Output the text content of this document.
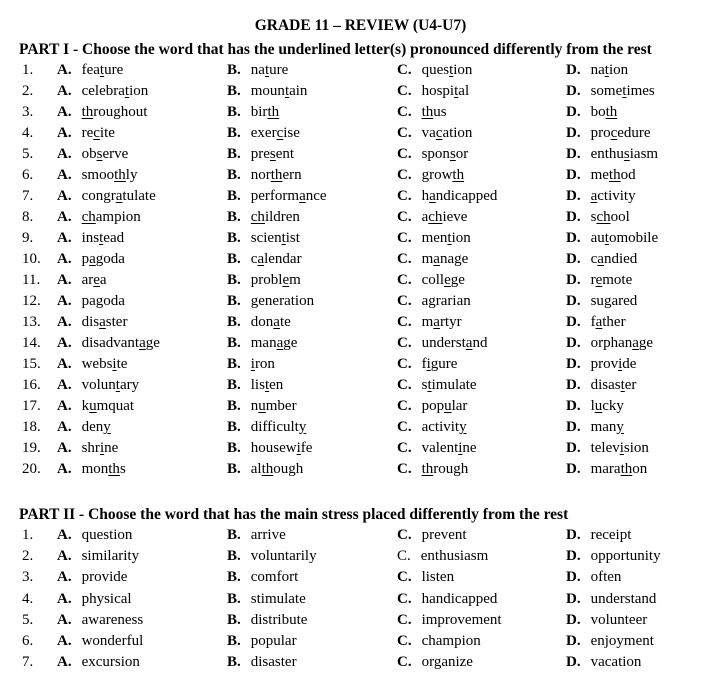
GRADE 11 – REVIEW (U4-U7)
PART I - Choose the word that has the underlined letter(s) pronounced differently from the rest
1.	A. feature	B. nature	C. question	D. nation
2.	A. celebration	B. mountain	C. hospital	D. sometimes
3.	A. throughout	B. birth	C. thus	D. both
4.	A. recite	B. exercise	C. vacation	D. procedure
5.	A. observe	B. present	C. sponsor	D. enthusiasm
6.	A. smoothly	B. northern	C. growth	D. method
7.	A. congratulate	B. performance	C. handicapped	D. activity
8.	A. champion	B. children	C. achieve	D. school
9.	A. instead	B. scientist	C. mention	D. automobile
10.	A. pagoda	B. calendar	C. manage	D. candied
11.	A. area	B. problem	C. college	D. remote
12.	A. pagoda	B. generation	C. agrarian	D. sugared
13.	A. disaster	B. donate	C. martyr	D. father
14.	A. disadvantage	B. manage	C. understand	D. orphanage
15.	A. website	B. iron	C. figure	D. provide
16.	A. voluntary	B. listen	C. stimulate	D. disaster
17.	A. kumquat	B. number	C. popular	D. lucky
18.	A. deny	B. difficulty	C. activity	D. many
19.	A. shrine	B. housewife	C. valentine	D. television
20.	A. months	B. although	C. through	D. marathon
PART II - Choose the word that has the main stress placed differently from the rest
1.	A. question	B. arrive	C. prevent	D. receipt
2.	A. similarity	B. voluntarily	C. enthusiasm	D. opportunity
3.	A. provide	B. comfort	C. listen	D. often
4.	A. physical	B. stimulate	C. handicapped	D. understand
5.	A. awareness	B. distribute	C. improvement	D. volunteer
6.	A. wonderful	B. popular	C. champion	D. enjoyment
7.	A. excursion	B. disaster	C. organize	D. vacation
